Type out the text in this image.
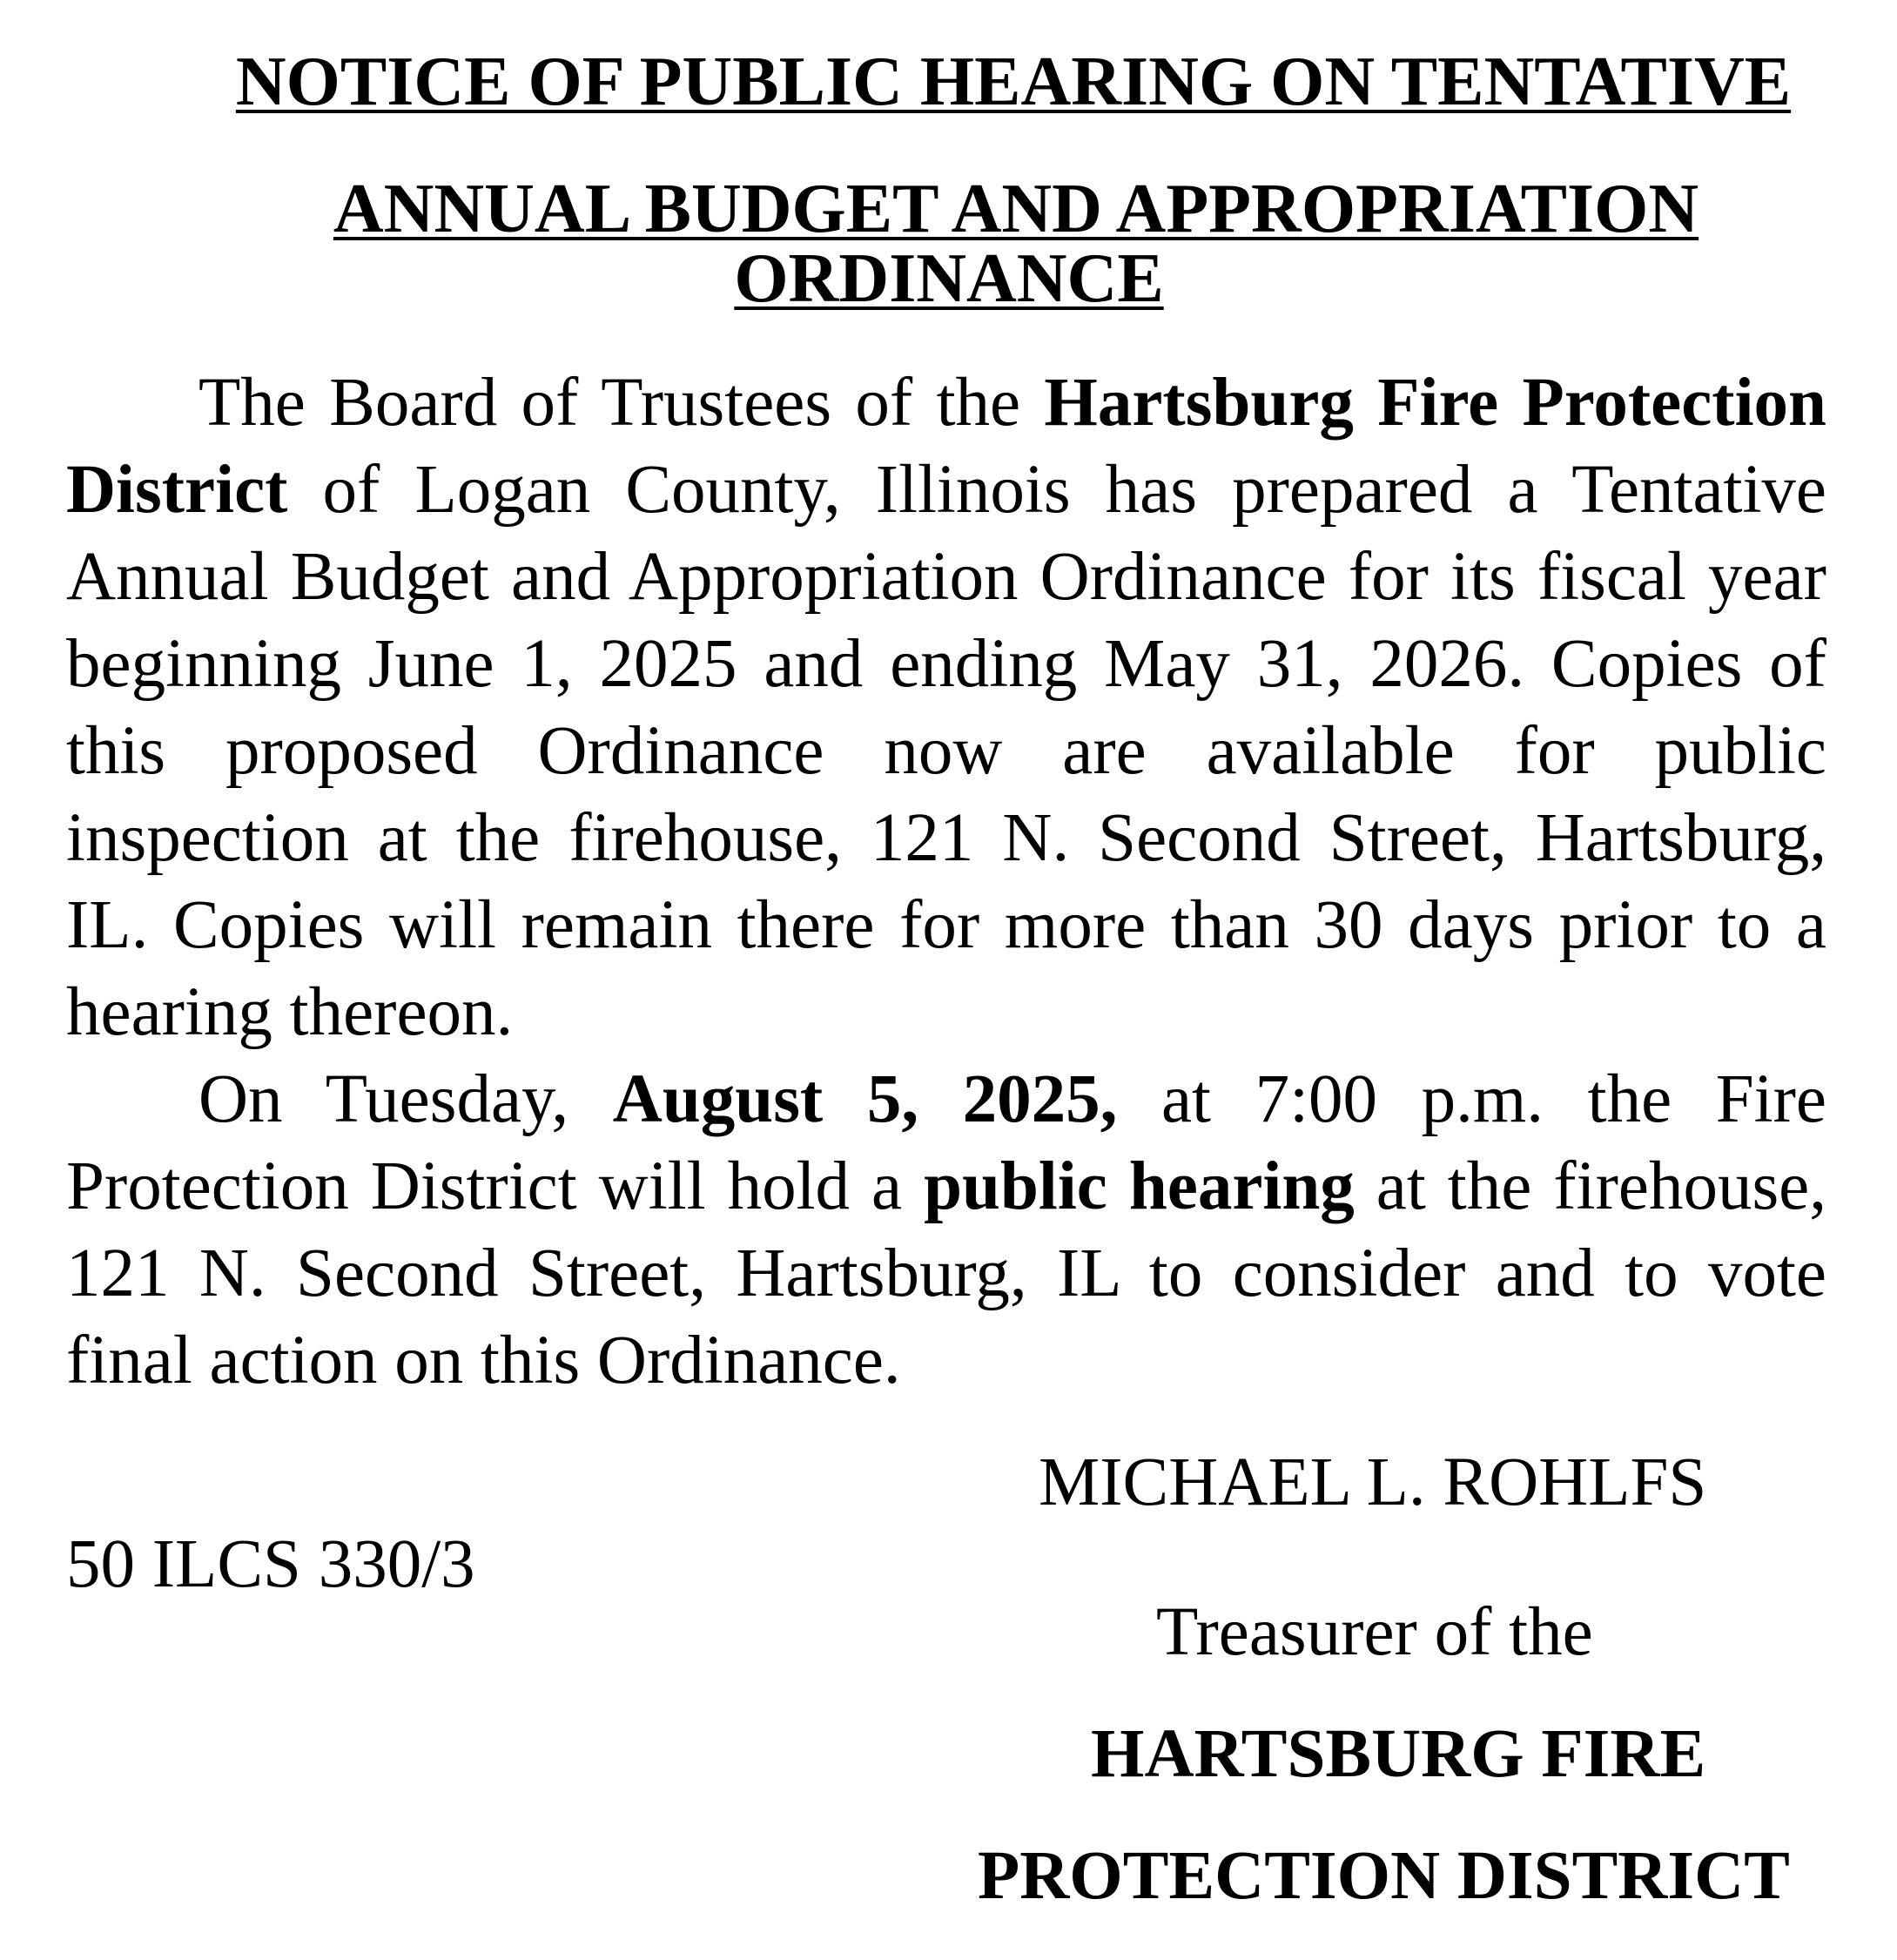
NOTICE OF PUBLIC HEARING ON TENTATIVE
ANNUAL BUDGET AND APPROPRIATION
ORDINANCE

The Board of Trustees of the Hartsburg Fire Protection District of Logan County, Illinois has prepared a Tentative Annual Budget and Appropriation Ordinance for its fiscal year beginning June 1, 2025 and ending May 31, 2026. Copies of this proposed Ordinance now are available for public inspection at the firehouse, 121 N. Second Street, Hartsburg, IL. Copies will remain there for more than 30 days prior to a hearing thereon.

On Tuesday, August 5, 2025, at 7:00 p.m. the Fire Protection District will hold a public hearing at the firehouse, 121 N. Second Street, Hartsburg, IL to consider and to vote final action on this Ordinance.

MICHAEL L. ROHLFS
50 ILCS 330/3
Treasurer of the
HARTSBURG FIRE
PROTECTION DISTRICT
